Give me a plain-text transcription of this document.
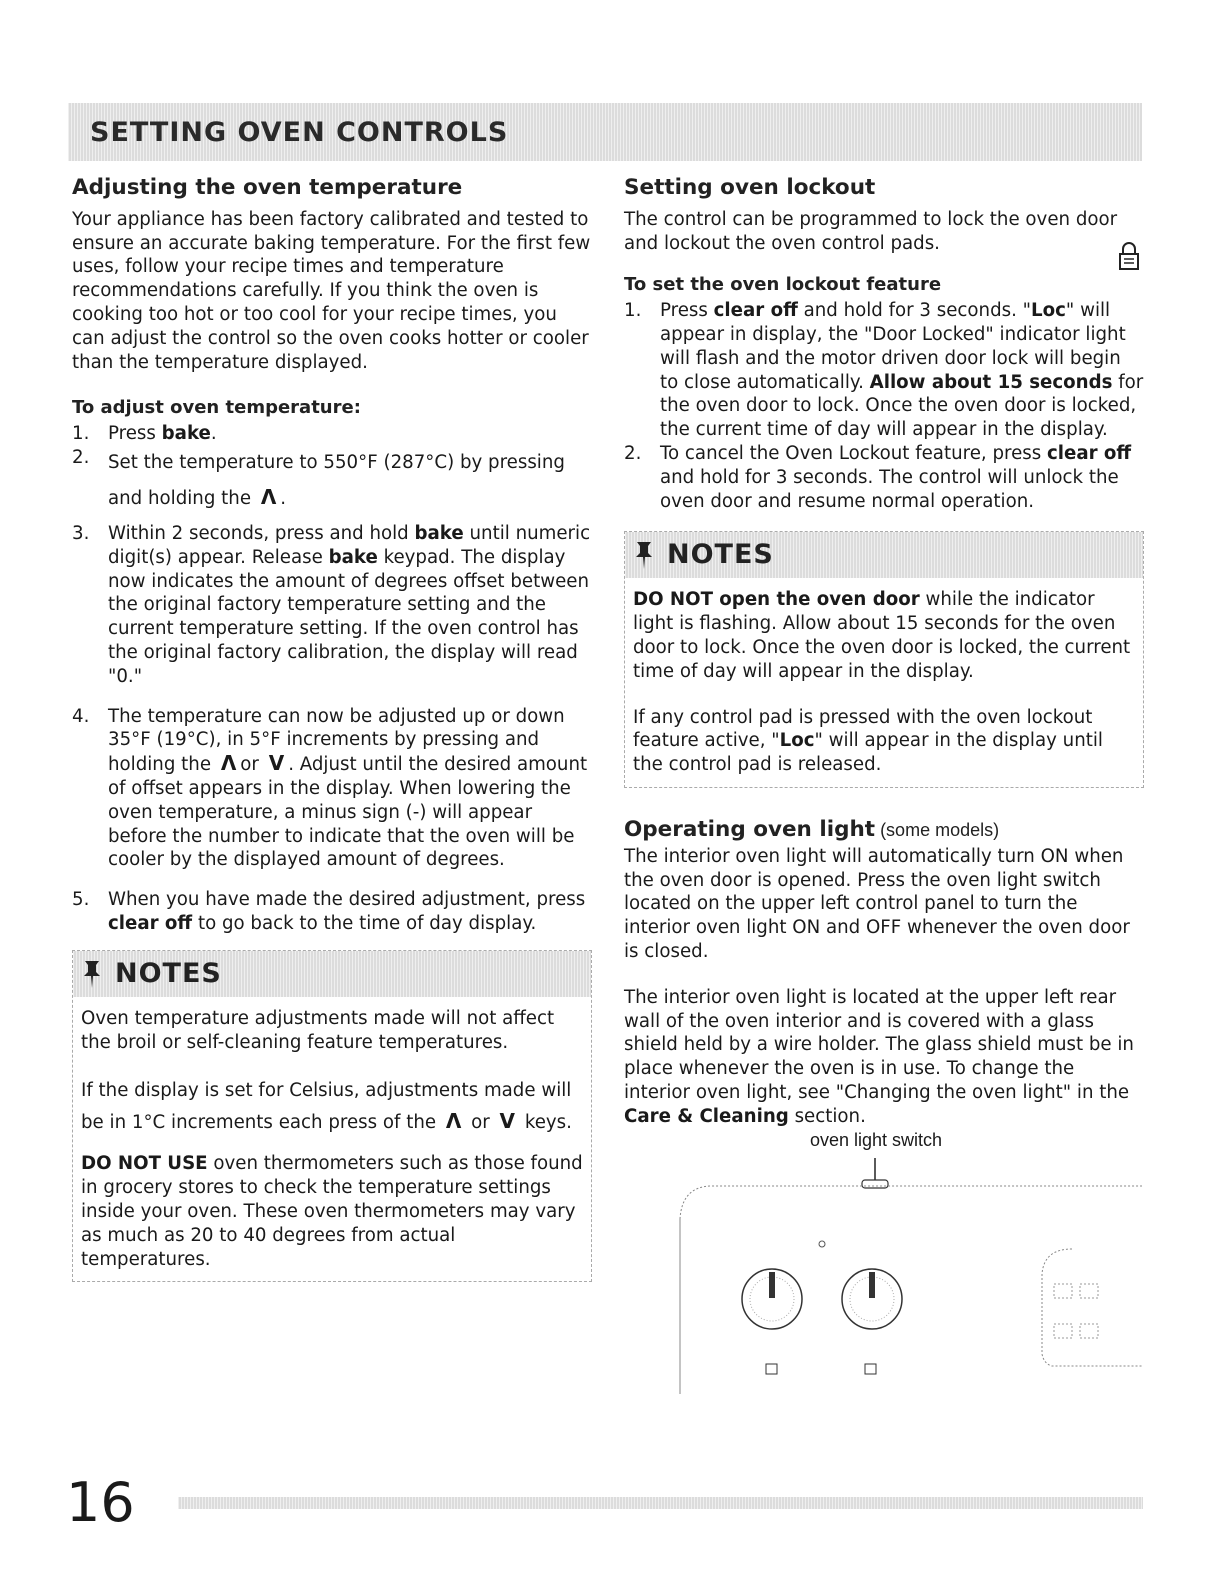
SETTING OVEN CONTROLS
Adjusting the oven temperature

Your appliance has been factory calibrated and tested to ensure an accurate baking temperature. For the first few uses, follow your recipe times and temperature recommendations carefully. If you think the oven is cooking too hot or too cool for your recipe times, you can adjust the control so the oven cooks hotter or cooler than the temperature displayed.

To adjust oven temperature:
1. Press bake.
2. Set the temperature to 550°F (287°C) by pressing and holding the Λ .
3. Within 2 seconds, press and hold bake until numeric digit(s) appear. Release bake keypad. The display now indicates the amount of degrees offset between the original factory temperature setting and the current temperature setting. If the oven control has the original factory calibration, the display will read "0."
4. The temperature can now be adjusted up or down 35°F (19°C), in 5°F increments by pressing and holding the Λ or V . Adjust until the desired amount of offset appears in the display. When lowering the oven temperature, a minus sign (-) will appear before the number to indicate that the oven will be cooler by the displayed amount of degrees.
5. When you have made the desired adjustment, press clear off to go back to the time of day display.
NOTES

Oven temperature adjustments made will not affect the broil or self-cleaning feature temperatures.

If the display is set for Celsius, adjustments made will be in 1°C increments each press of the Λ or V keys.

DO NOT USE oven thermometers such as those found in grocery stores to check the temperature settings inside your oven. These oven thermometers may vary as much as 20 to 40 degrees from actual temperatures.

Setting oven lockout

The control can be programmed to lock the oven door and lockout the oven control pads.

To set the oven lockout feature
1. Press clear off and hold for 3 seconds. "Loc" will appear in display, the "Door Locked" indicator light will flash and the motor driven door lock will begin to close automatically. Allow about 15 seconds for the oven door to lock. Once the oven door is locked, the current time of day will appear in the display.
2. To cancel the Oven Lockout feature, press clear off and hold for 3 seconds. The control will unlock the oven door and resume normal operation.
NOTES

DO NOT open the oven door while the indicator light is flashing. Allow about 15 seconds for the oven door to lock. Once the oven door is locked, the current time of day will appear in the display.

If any control pad is pressed with the oven lockout feature active, "Loc" will appear in the display until the control pad is released.

Operating oven light (some models)

The interior oven light will automatically turn ON when the oven door is opened. Press the oven light switch located on the upper left control panel to turn the interior oven light ON and OFF whenever the oven door is closed.

The interior oven light is located at the upper left rear wall of the oven interior and is covered with a glass shield held by a wire holder. The glass shield must be in place whenever the oven is in use. To change the interior oven light, see "Changing the oven light" in the Care & Cleaning section.

oven light switch
16
